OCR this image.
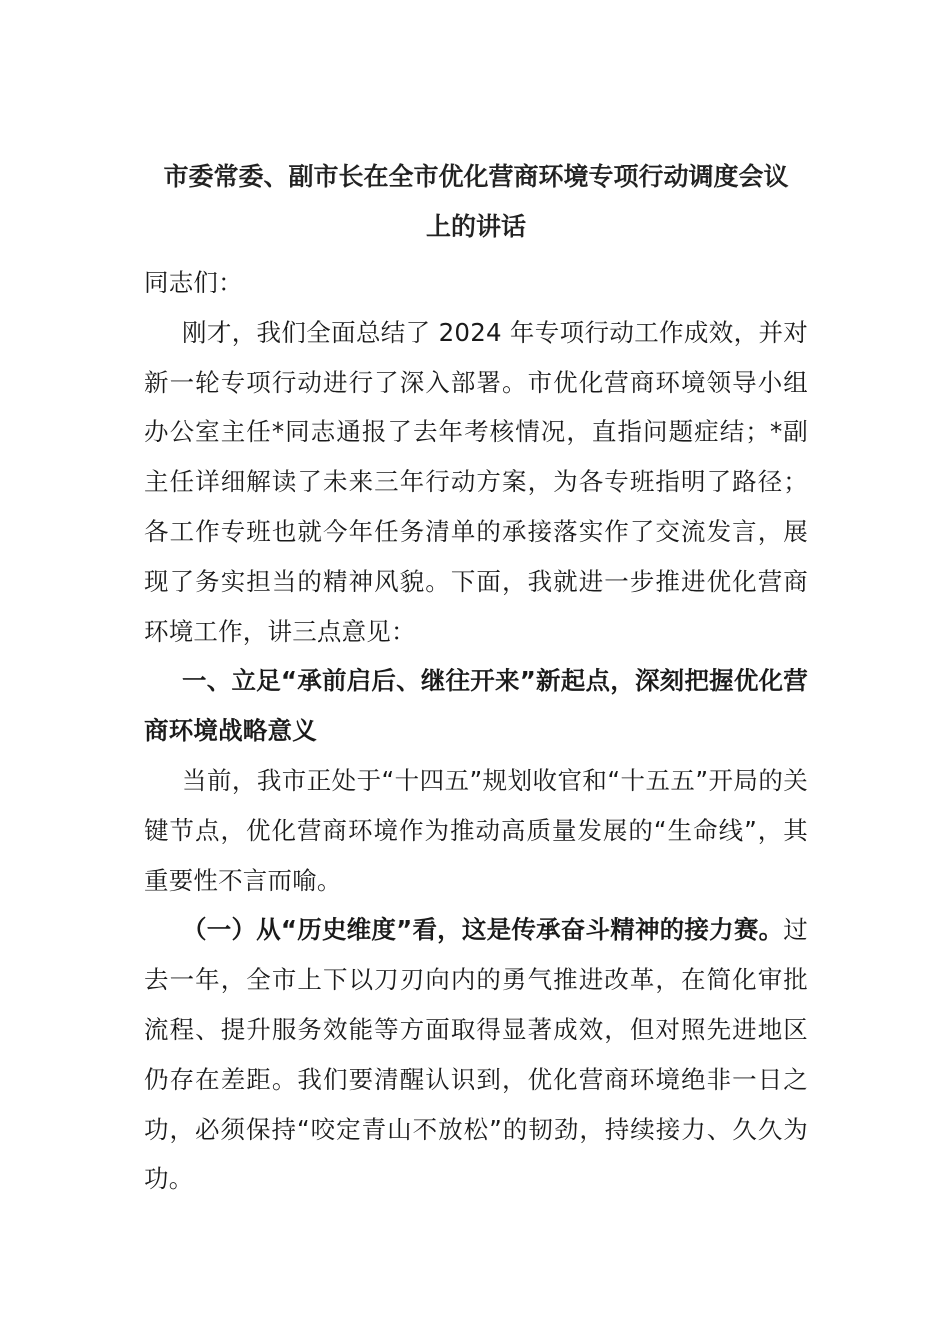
市委常委、副市长在全市优化营商环境专项行动调度会议
上的讲话

同志们：

刚才，我们全面总结了 2024 年专项行动工作成效，并对新一轮专项行动进行了深入部署。市优化营商环境领导小组办公室主任*同志通报了去年考核情况，直指问题症结；*副主任详细解读了未来三年行动方案，为各专班指明了路径；各工作专班也就今年任务清单的承接落实作了交流发言，展现了务实担当的精神风貌。下面，我就进一步推进优化营商环境工作，讲三点意见：

一、立足“承前启后、继往开来”新起点，深刻把握优化营商环境战略意义

当前，我市正处于“十四五”规划收官和“十五五”开局的关键节点，优化营商环境作为推动高质量发展的“生命线”，其重要性不言而喻。

（一）从“历史维度”看，这是传承奋斗精神的接力赛。过去一年，全市上下以刀刃向内的勇气推进改革，在简化审批流程、提升服务效能等方面取得显著成效，但对照先进地区仍存在差距。我们要清醒认识到，优化营商环境绝非一日之功，必须保持“咬定青山不放松”的韧劲，持续接力、久久为功。
